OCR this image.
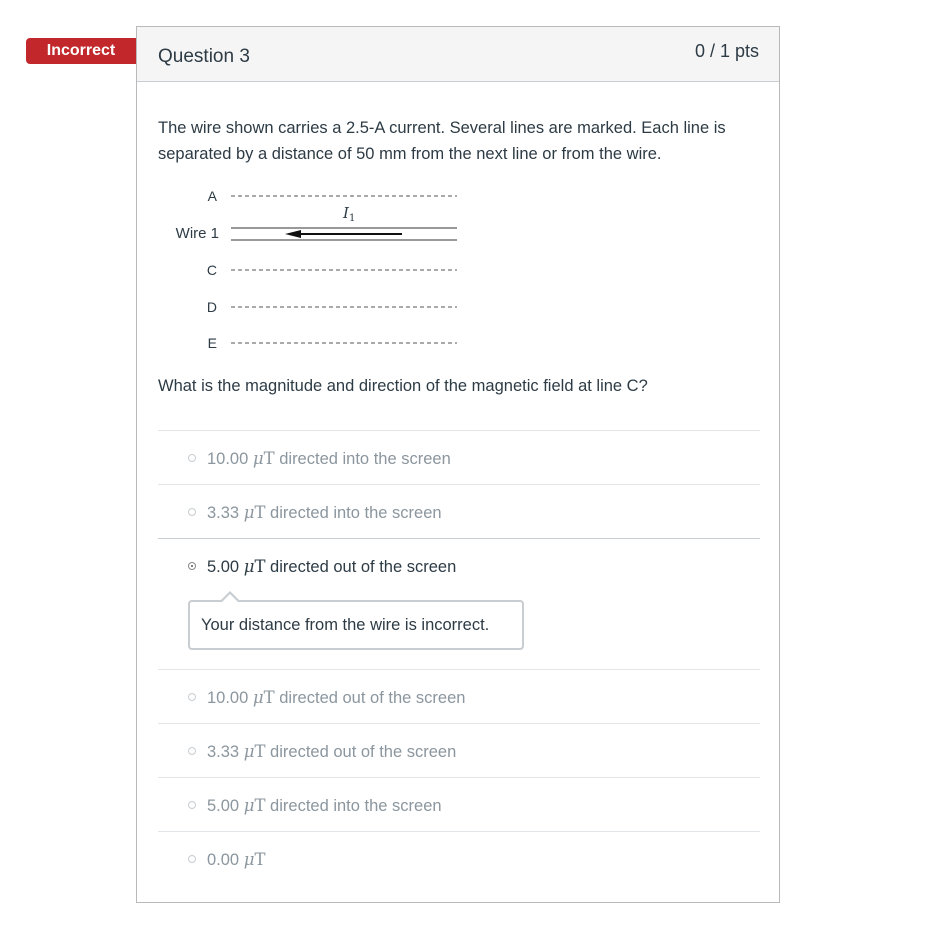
Incorrect	Question 3	0 / 1 pts

The wire shown carries a 2.5-A current. Several lines are marked. Each line is separated by a distance of 50 mm from the next line or from the wire.

A
Wire 1
$I_1$
C
D
E

What is the magnitude and direction of the magnetic field at line C?

10.00 μT directed into the screen
3.33 μT directed into the screen
5.00 μT directed out of the screen
Your distance from the wire is incorrect.
10.00 μT directed out of the screen
3.33 μT directed out of the screen
5.00 μT directed into the screen
0.00 μT
